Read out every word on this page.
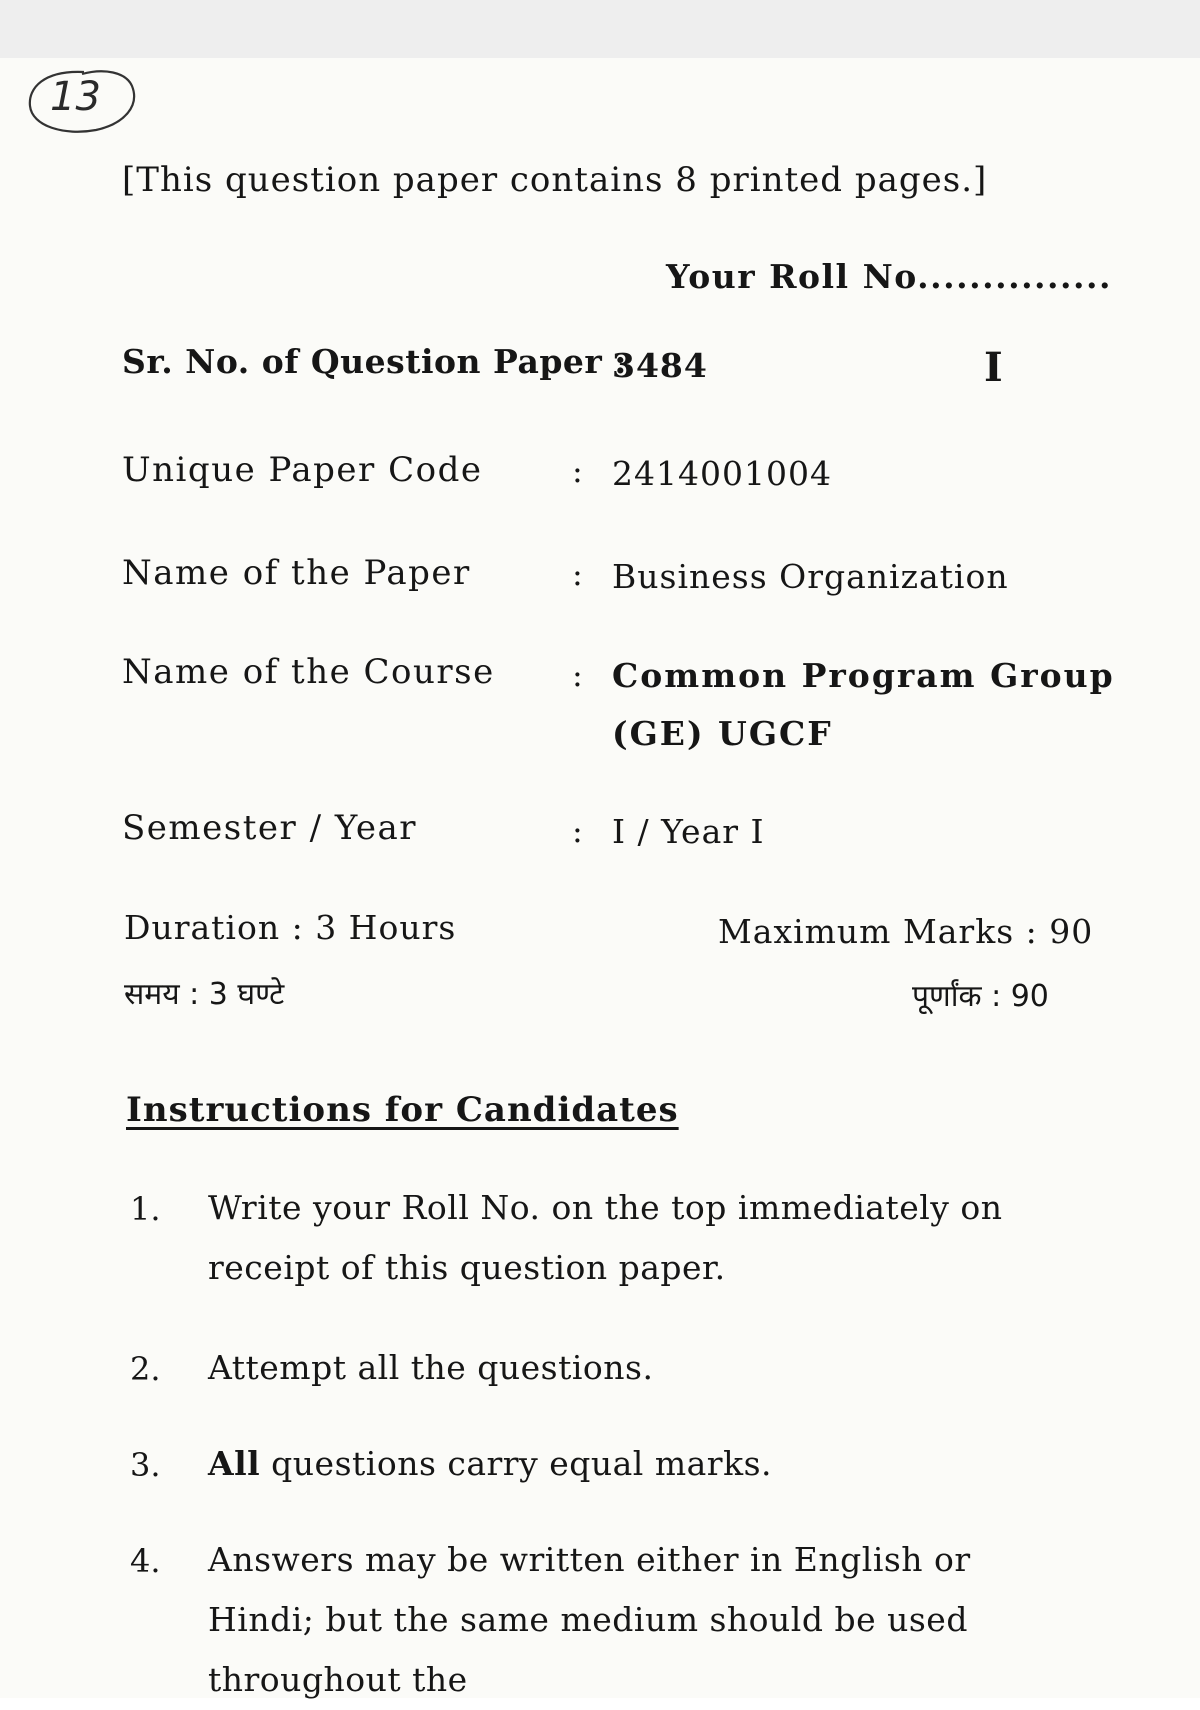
13
[This question paper contains 8 printed pages.]
Your Roll No...............
Sr. No. of Question Paper :
3484	I
Unique Paper Code	: 2414001004
Name of the Paper	: Business Organization
Name of the Course : Common Program Group
(GE) UGCF
Semester / Year	: I / Year I
Duration : 3 Hours	Maximum Marks : 90
समय : 3 घण्टे	पूर्णांक : 90
Instructions for Candidates
1. Write your Roll No. on the top immediately on receipt of this question paper.
2. Attempt all the questions.
3. All questions carry equal marks.
4. Answers may be written either in English or Hindi; but the same medium should be used throughout the
